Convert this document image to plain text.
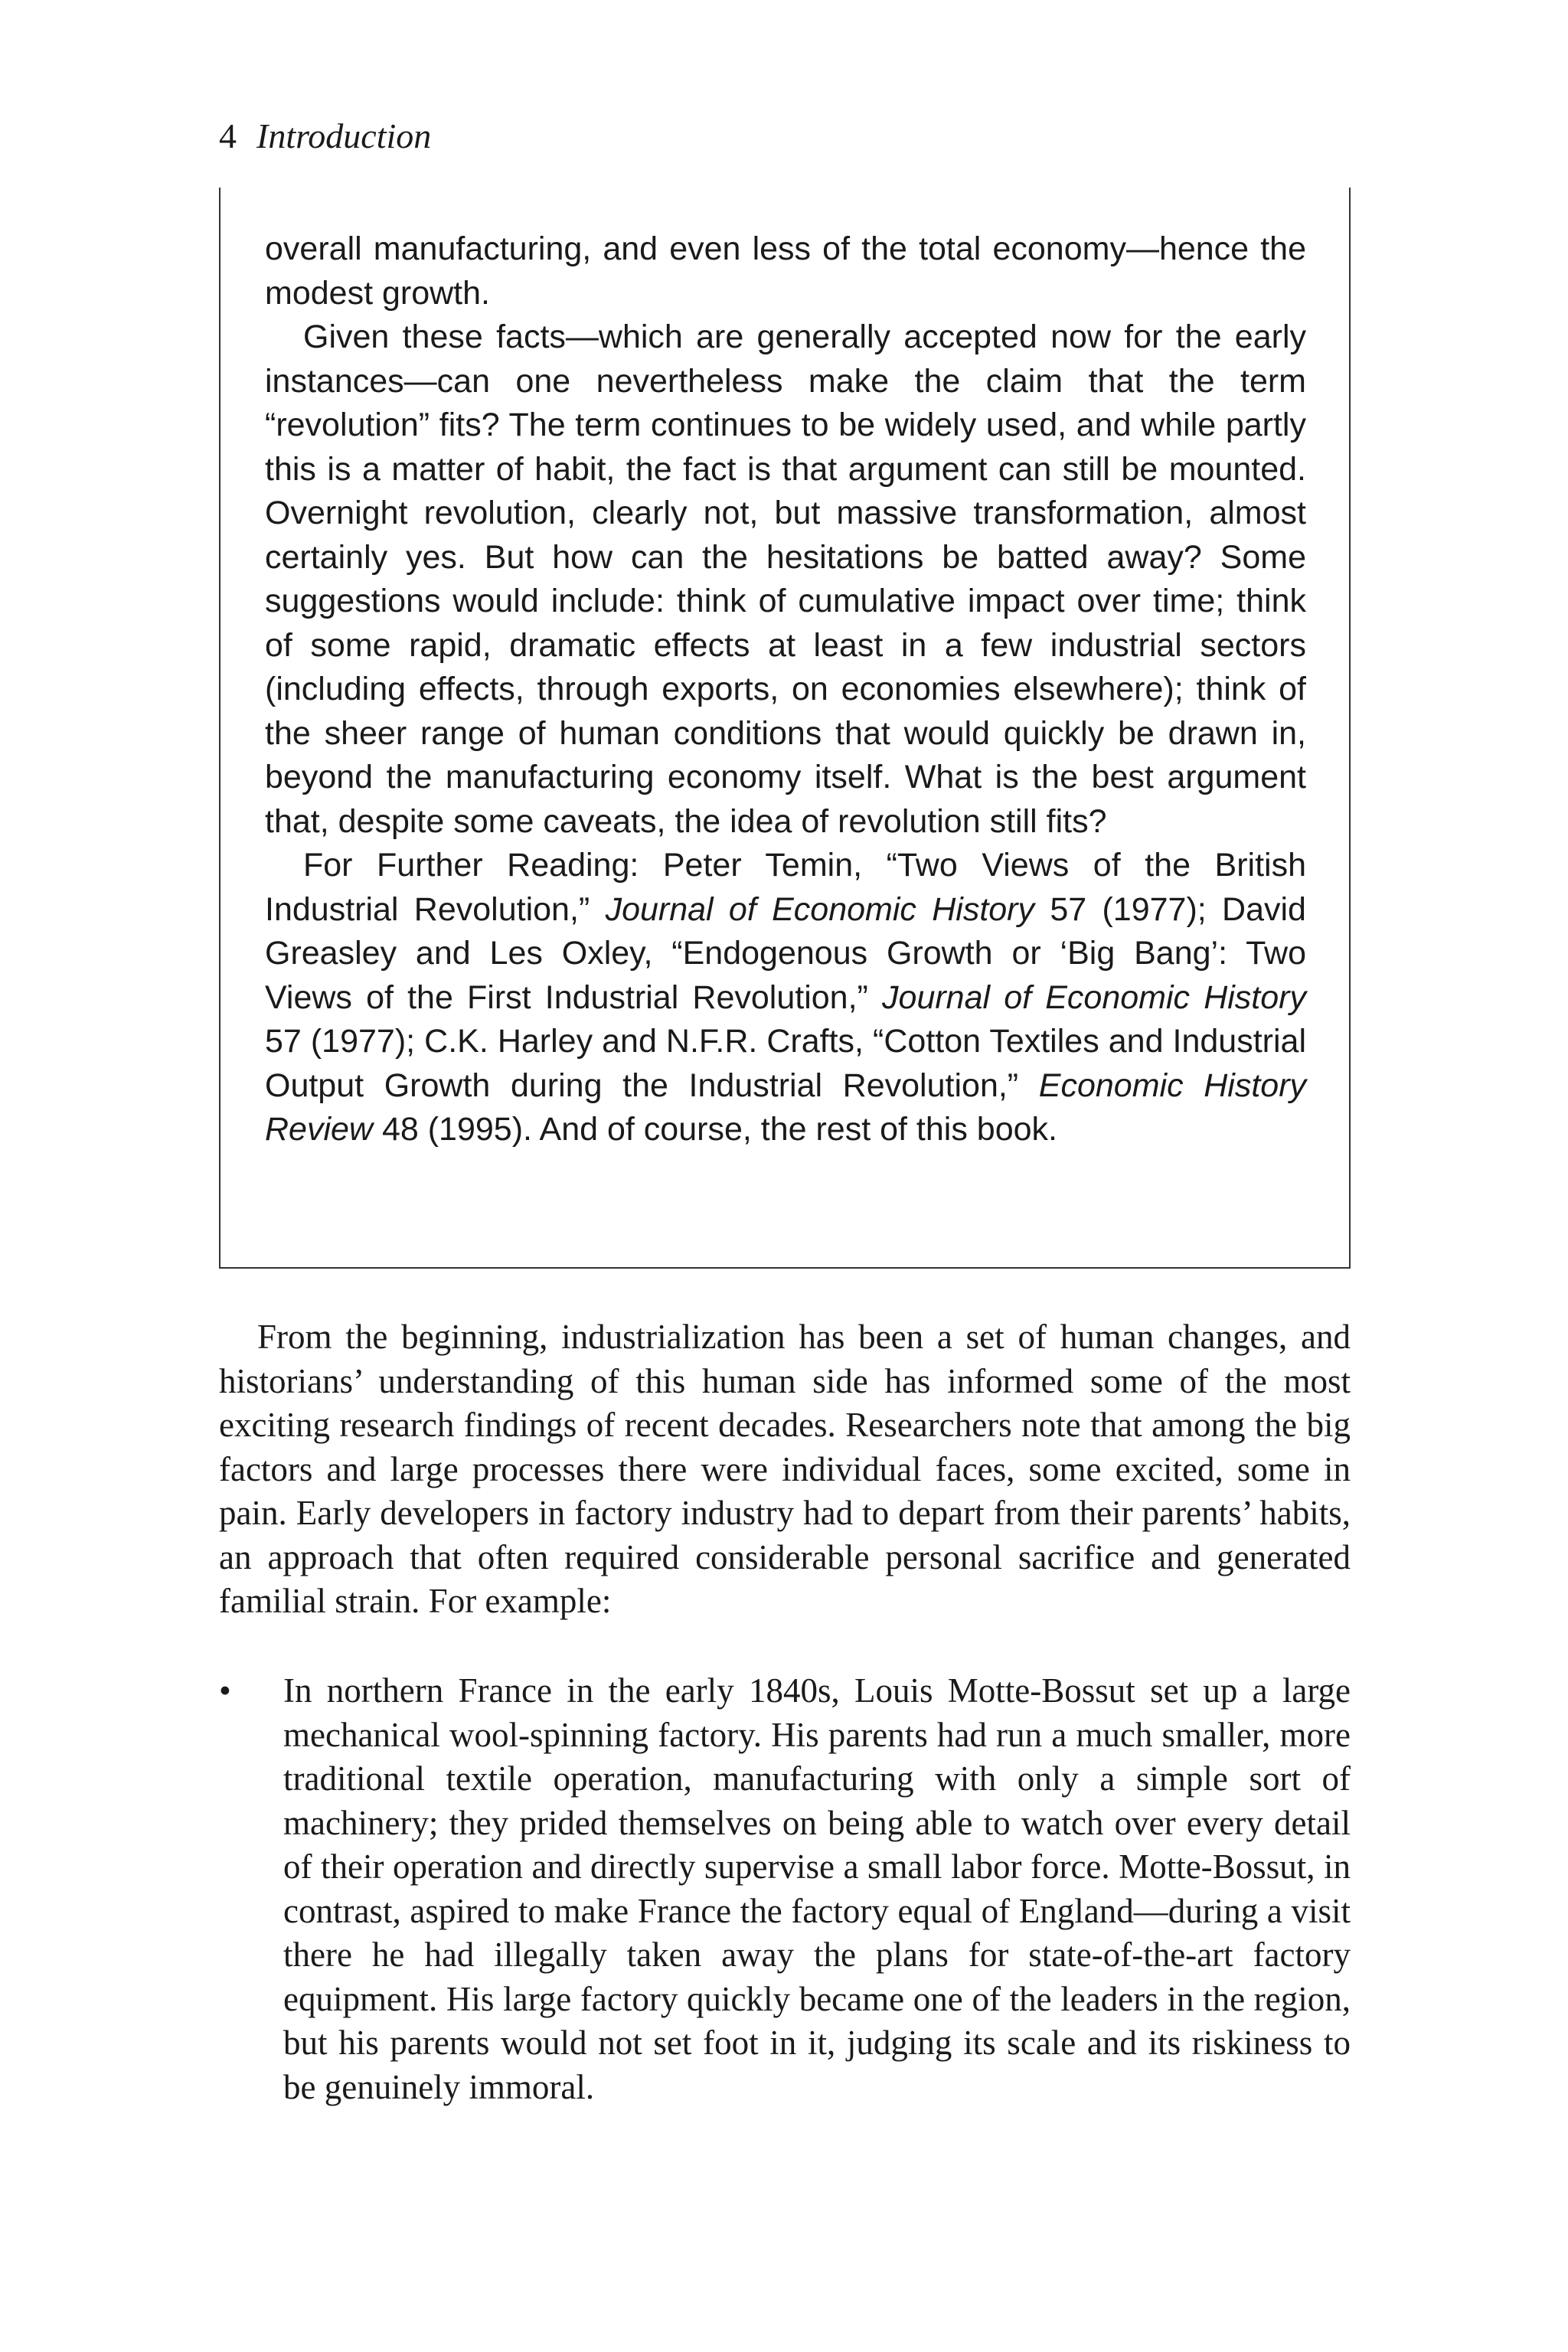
4 Introduction

overall manufacturing, and even less of the total economy—hence the modest growth.

Given these facts—which are generally accepted now for the early instances—can one nevertheless make the claim that the term “revolution” fits? The term continues to be widely used, and while partly this is a matter of habit, the fact is that argument can still be mounted. Overnight revolution, clearly not, but massive transformation, almost certainly yes. But how can the hesitations be batted away? Some suggestions would include: think of cumulative impact over time; think of some rapid, dramatic effects at least in a few industrial sectors (including effects, through exports, on economies elsewhere); think of the sheer range of human conditions that would quickly be drawn in, beyond the manufacturing economy itself. What is the best argument that, despite some caveats, the idea of revolution still fits?

For Further Reading: Peter Temin, “Two Views of the British Industrial Revolution,” Journal of Economic History 57 (1977); David Greasley and Les Oxley, “Endogenous Growth or ‘Big Bang’: Two Views of the First Industrial Revolution,” Journal of Economic History 57 (1977); C.K. Harley and N.F.R. Crafts, “Cotton Textiles and Industrial Output Growth during the Industrial Revolution,” Economic History Review 48 (1995). And of course, the rest of this book.

From the beginning, industrialization has been a set of human changes, and historians’ understanding of this human side has informed some of the most exciting research findings of recent decades. Researchers note that among the big factors and large processes there were individual faces, some excited, some in pain. Early developers in factory industry had to depart from their parents’ habits, an approach that often required considerable personal sacrifice and generated familial strain. For example:

•	In northern France in the early 1840s, Louis Motte-Bossut set up a large mechanical wool-spinning factory. His parents had run a much smaller, more traditional textile operation, manufacturing with only a simple sort of machinery; they prided themselves on being able to watch over every detail of their operation and directly supervise a small labor force. Motte-Bossut, in contrast, aspired to make France the factory equal of England—during a visit there he had illegally taken away the plans for state-of-the-art factory equipment. His large factory quickly became one of the leaders in the region, but his parents would not set foot in it, judging its scale and its riskiness to be genuinely immoral.
